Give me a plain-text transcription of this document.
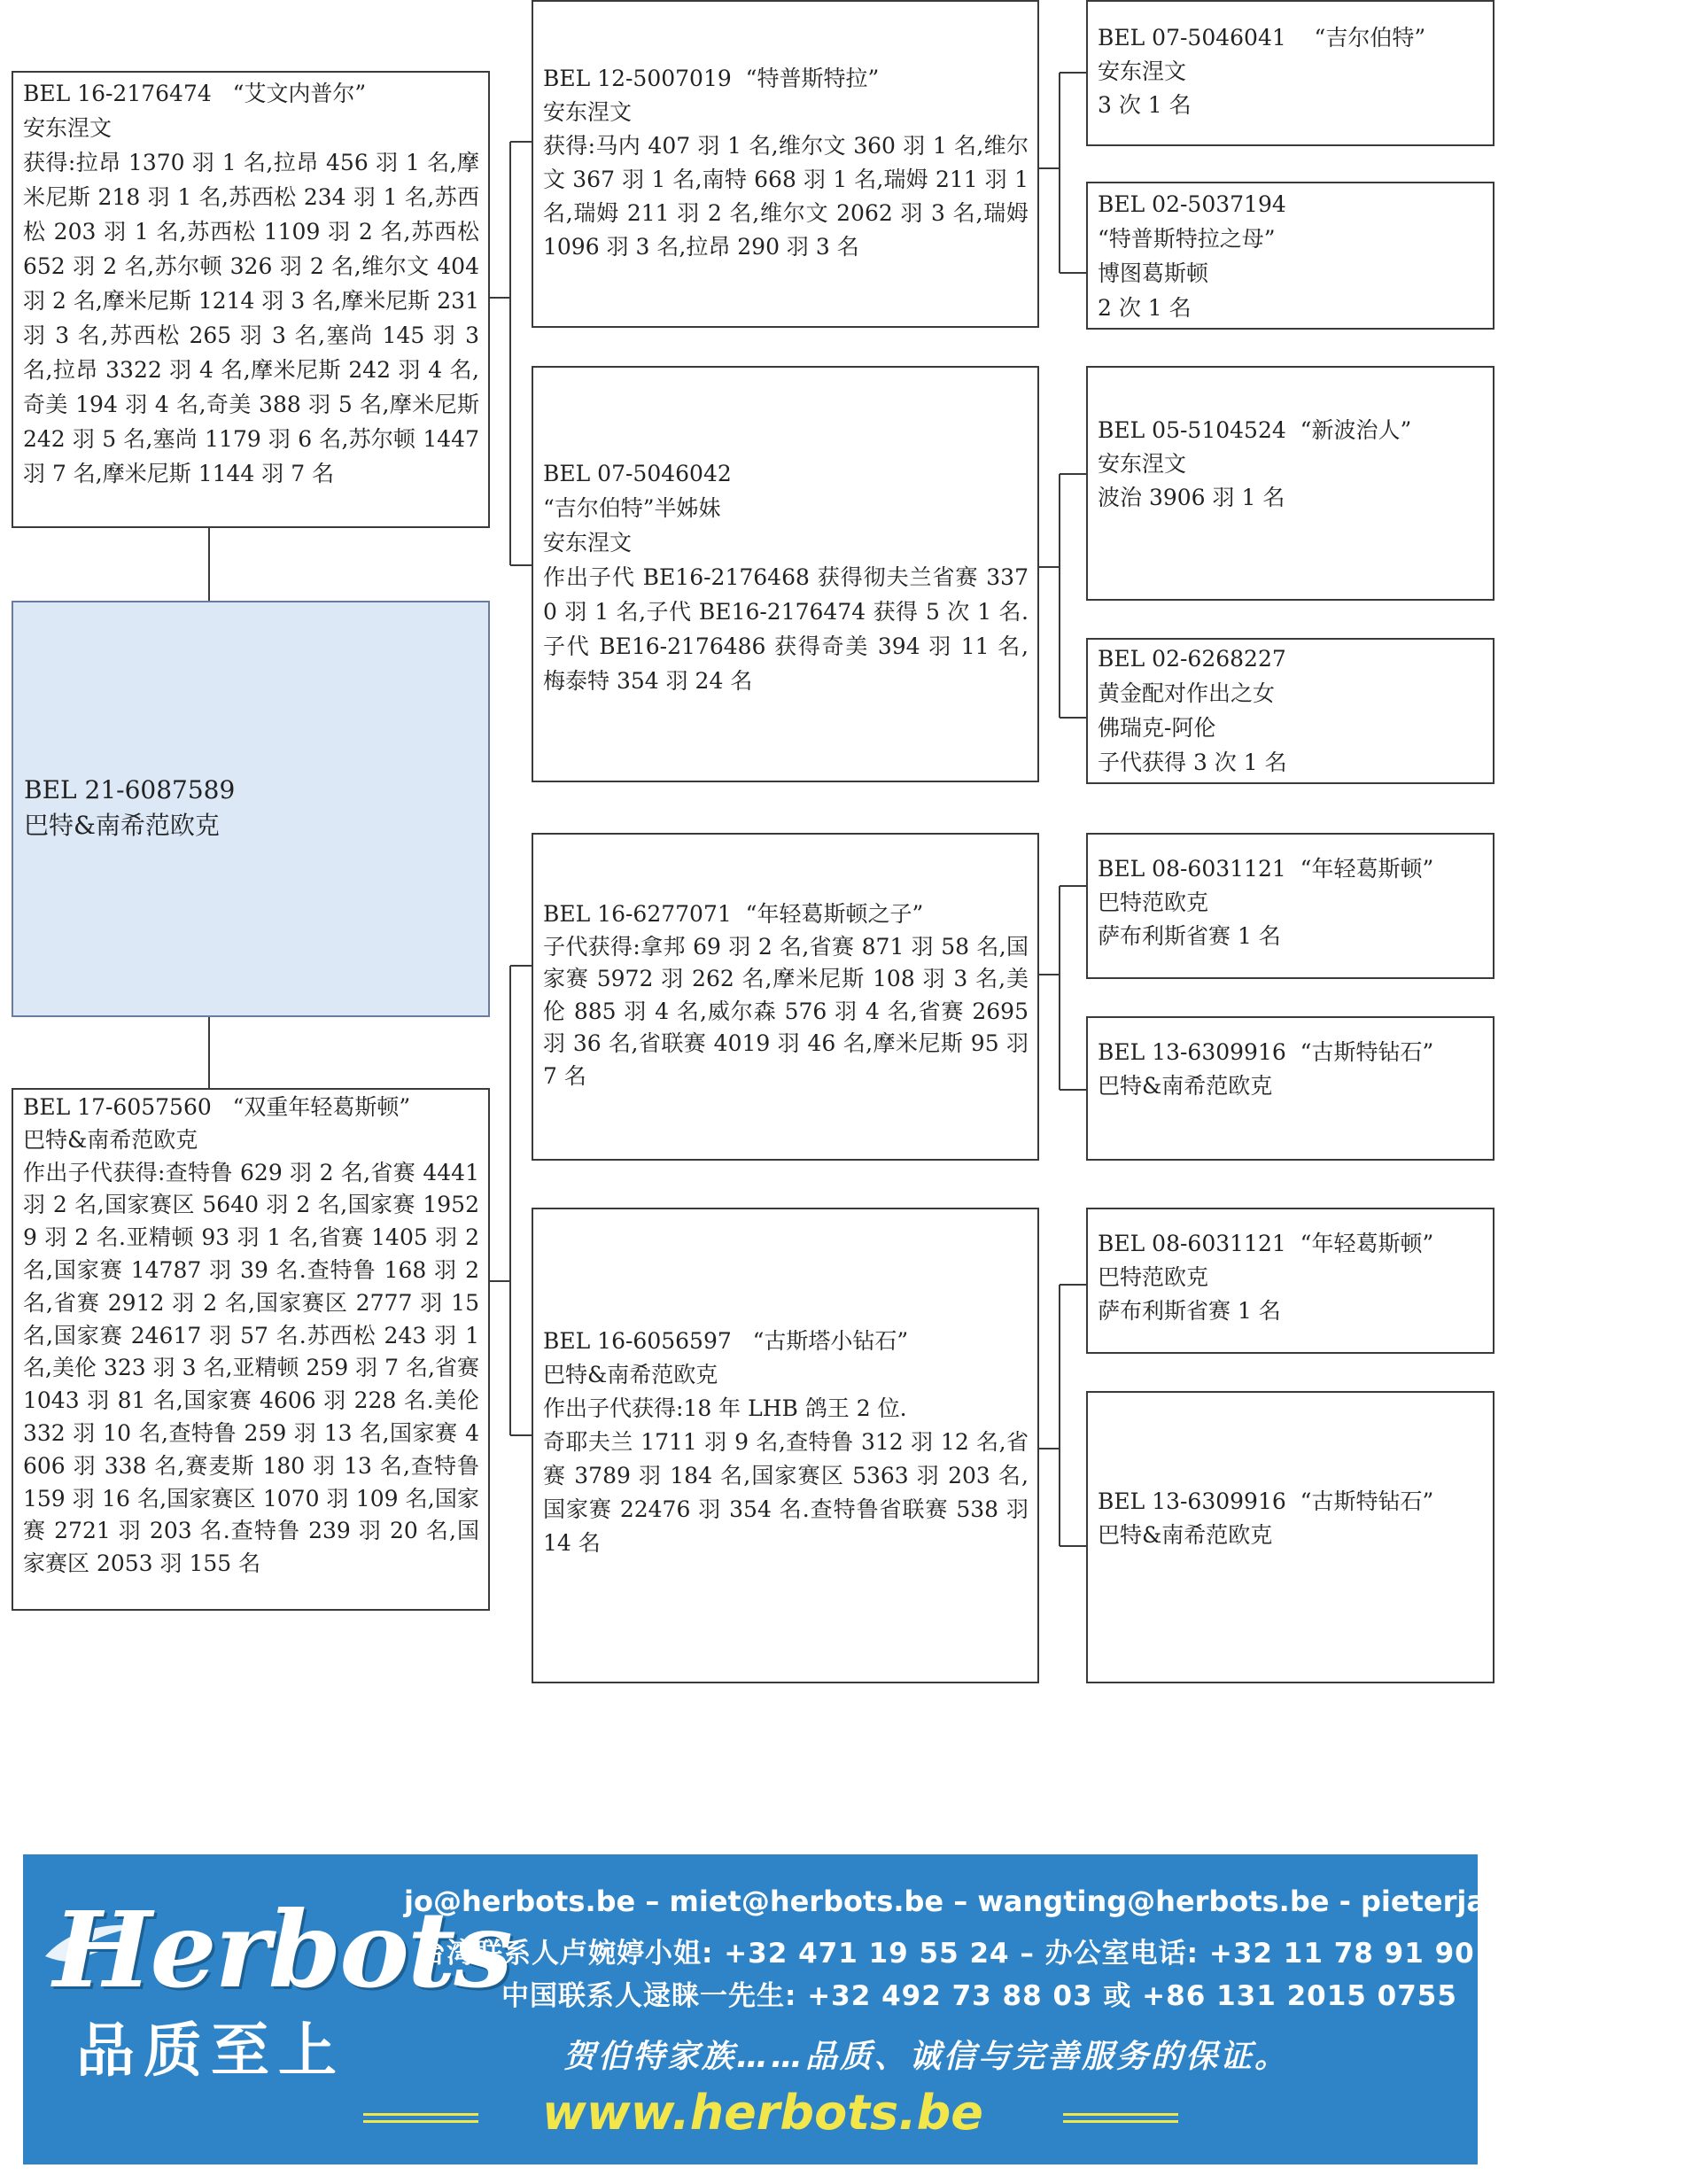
BEL 16-2176474   “艾文内普尔”
安东涅文
获得:拉昂 1370 羽 1 名,拉昂 456 羽 1 名,摩米尼斯 218 羽 1 名,苏西松 234 羽 1 名,苏西松 203 羽 1 名,苏西松 1109 羽 2 名,苏西松 652 羽 2 名,苏尔顿 326 羽 2 名,维尔文 404 羽 2 名,摩米尼斯 1214 羽 3 名,摩米尼斯 231 羽 3 名,苏西松 265 羽 3 名,塞尚 145 羽 3 名,拉昂 3322 羽 4 名,摩米尼斯 242 羽 4 名,奇美 194 羽 4 名,奇美 388 羽 5 名,摩米尼斯 242 羽 5 名,塞尚 1179 羽 6 名,苏尔顿 1447 羽 7 名,摩米尼斯 1144 羽 7 名
BEL 21-6087589
巴特&南希范欧克
BEL 17-6057560   “双重年轻葛斯顿”
巴特&南希范欧克
作出子代获得:查特鲁 629 羽 2 名,省赛 4441 羽 2 名,国家赛区 5640 羽 2 名,国家赛 19529 羽 2 名.亚精顿 93 羽 1 名,省赛 1405 羽 2 名,国家赛 14787 羽 39 名.查特鲁 168 羽 2 名,省赛 2912 羽 2 名,国家赛区 2777 羽 15 名,国家赛 24617 羽 57 名.苏西松 243 羽 1 名,美伦 323 羽 3 名,亚精顿 259 羽 7 名,省赛 1043 羽 81 名,国家赛 4606 羽 228 名.美伦 332 羽 10 名,查特鲁 259 羽 13 名,国家赛 4606 羽 338 名,赛麦斯 180 羽 13 名,查特鲁 159 羽 16 名,国家赛区 1070 羽 109 名,国家赛 2721 羽 203 名.查特鲁 239 羽 20 名,国家赛区 2053 羽 155 名
BEL 12-5007019  “特普斯特拉”
安东涅文
获得:马内 407 羽 1 名,维尔文 360 羽 1 名,维尔文 367 羽 1 名,南特 668 羽 1 名,瑞姆 211 羽 1 名,瑞姆 211 羽 2 名,维尔文 2062 羽 3 名,瑞姆 1096 羽 3 名,拉昂 290 羽 3 名
BEL 07-5046042
“吉尔伯特”半姊妹
安东涅文
作出子代 BE16-2176468 获得彻夫兰省赛 3370 羽 1 名,子代 BE16-2176474 获得 5 次 1 名.子代 BE16-2176486 获得奇美 394 羽 11 名,梅泰特 354 羽 24 名
BEL 16-6277071  “年轻葛斯顿之子”
子代获得:拿邦 69 羽 2 名,省赛 871 羽 58 名,国家赛 5972 羽 262 名,摩米尼斯 108 羽 3 名,美伦 885 羽 4 名,威尔森 576 羽 4 名,省赛 2695 羽 36 名,省联赛 4019 羽 46 名,摩米尼斯 95 羽 7 名
BEL 16-6056597   “古斯塔小钻石”
巴特&南希范欧克
作出子代获得:18 年 LHB 鸽王 2 位.
奇耶夫兰 1711 羽 9 名,查特鲁 312 羽 12 名,省赛 3789 羽 184 名,国家赛区 5363 羽 203 名,国家赛 22476 羽 354 名.查特鲁省联赛 538 羽 14 名
BEL 07-5046041    “吉尔伯特”
安东涅文
3 次 1 名
BEL 02-5037194
“特普斯特拉之母”
博图葛斯顿
2 次 1 名
BEL 05-5104524  “新波治人”
安东涅文
波治 3906 羽 1 名
BEL 02-6268227
黄金配对作出之女
佛瑞克-阿伦
子代获得 3 次 1 名
BEL 08-6031121  “年轻葛斯顿”
巴特范欧克
萨布利斯省赛 1 名
BEL 13-6309916  “古斯特钻石”
巴特&南希范欧克
BEL 08-6031121  “年轻葛斯顿”
巴特范欧克
萨布利斯省赛 1 名
BEL 13-6309916  “古斯特钻石”
巴特&南希范欧克
Herbots
品质至上
jo@herbots.be – miet@herbots.be – wangting@herbots.be - pieterjan@herbots.be
台湾联系人卢婉婷小姐: +32 471 19 55 24 – 办公室电话: +32 11 78 91 90
中国联系人逯睐一先生: +32 492 73 88 03 或 +86 131 2015 0755
贺伯特家族……品质、诚信与完善服务的保证。
www.herbots.be
